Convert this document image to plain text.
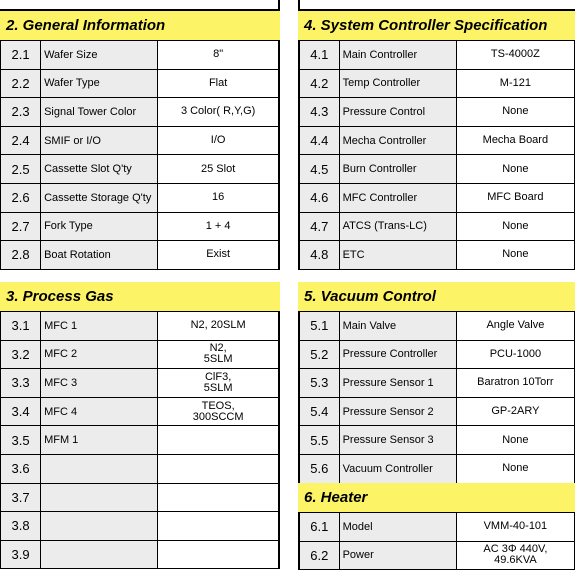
2. General Information
2.1	Wafer Size	8"
2.2	Wafer Type	Flat
2.3	Signal Tower Color	3 Color( R,Y,G)
2.4	SMIF or I/O	I/O
2.5	Cassette Slot Q'ty	25 Slot
2.6	Cassette Storage Q'ty	16
2.7	Fork Type	1 + 4
2.8	Boat Rotation	Exist
3. Process Gas
3.1	MFC 1	N2, 20SLM
3.2	MFC 2	N2,
5SLM
3.3	MFC 3	ClF3,
5SLM
3.4	MFC 4	TEOS,
300SCCM
3.5	MFM 1	
3.6		
3.7		
3.8		
3.9		
4. System Controller Specification
4.1	Main Controller	TS-4000Z
4.2	Temp Controller	M-121
4.3	Pressure Control	None
4.4	Mecha Controller	Mecha Board
4.5	Burn Controller	None
4.6	MFC Controller	MFC Board
4.7	ATCS (Trans-LC)	None
4.8	ETC	None
5. Vacuum Control
5.1	Main Valve	Angle Valve
5.2	Pressure Controller	PCU-1000
5.3	Pressure Sensor 1	Baratron 10Torr
5.4	Pressure Sensor 2	GP-2ARY
5.5	Pressure Sensor 3	None
5.6	Vacuum Controller	None
6. Heater
6.1	Model	VMM-40-101
6.2	Power	AC 3Φ 440V,
49.6KVA
